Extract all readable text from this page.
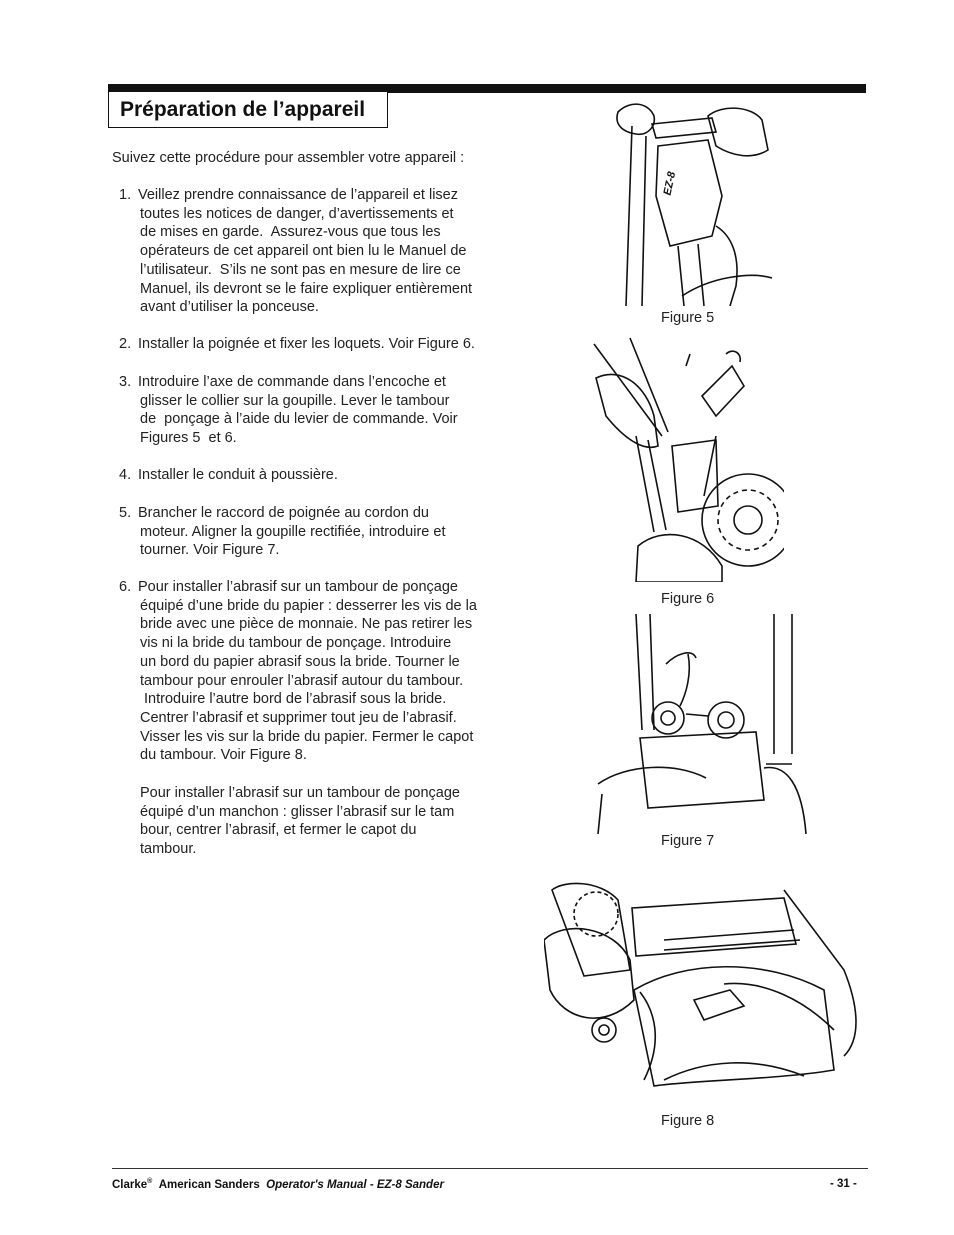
Préparation de l’appareil
Suivez cette procédure pour assembler votre appareil :
1. Veillez prendre connaissance de l’appareil et lisez
toutes les notices de danger, d’avertissements et
de mises en garde.  Assurez-vous que tous les
opérateurs de cet appareil ont bien lu le Manuel de
l’utilisateur.  S’ils ne sont pas en mesure de lire ce
Manuel, ils devront se le faire expliquer entièrement
avant d’utiliser la ponceuse.
2. Installer la poignée et fixer les loquets. Voir Figure 6.
3. Introduire l’axe de commande dans l’encoche et
glisser le collier sur la goupille. Lever le tambour
de  ponçage à l’aide du levier de commande. Voir
Figures 5  et 6.
4. Installer le conduit à poussière.
5. Brancher le raccord de poignée au cordon du
moteur. Aligner la goupille rectifiée, introduire et
tourner. Voir Figure 7.
6. Pour installer l’abrasif sur un tambour de ponçage
équipé d’une bride du papier : desserrer les vis de la
bride avec une pièce de monnaie. Ne pas retirer les
vis ni la bride du tambour de ponçage. Introduire
un bord du papier abrasif sous la bride. Tourner le
tambour pour enrouler l’abrasif autour du tambour.
Introduire l’autre bord de l’abrasif sous la bride.
Centrer l’abrasif et supprimer tout jeu de l’abrasif.
Visser les vis sur la bride du papier. Fermer le capot
du tambour. Voir Figure 8.
Pour installer l’abrasif sur un tambour de ponçage
équipé d’un manchon : glisser l’abrasif sur le tam
bour, centrer l’abrasif, et fermer le capot du
tambour.
EZ-8
Figure 5
Figure 6
Figure 7
Figure 8
Clarke® American Sanders Operator's Manual - EZ-8 Sander	- 31 -
